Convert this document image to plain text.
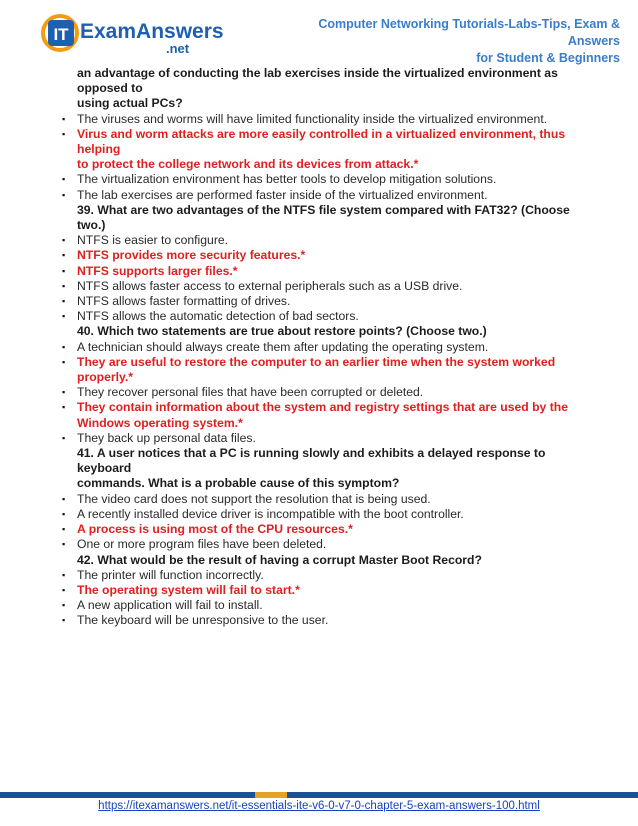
IT ExamAnswers
.net
Computer Networking Tutorials-Labs-Tips, Exam & Answers
for Student & Beginners
an advantage of conducting the lab exercises inside the virtualized environment as opposed to
using actual PCs?
▪ The viruses and worms will have limited functionality inside the virtualized environment.
▪ Virus and worm attacks are more easily controlled in a virtualized environment, thus helping
to protect the college network and its devices from attack.*
▪ The virtualization environment has better tools to develop mitigation solutions.
▪ The lab exercises are performed faster inside of the virtualized environment.
39. What are two advantages of the NTFS file system compared with FAT32? (Choose two.)
▪ NTFS is easier to configure.
▪ NTFS provides more security features.*
▪ NTFS supports larger files.*
▪ NTFS allows faster access to external peripherals such as a USB drive.
▪ NTFS allows faster formatting of drives.
▪ NTFS allows the automatic detection of bad sectors.
40. Which two statements are true about restore points? (Choose two.)
▪ A technician should always create them after updating the operating system.
▪ They are useful to restore the computer to an earlier time when the system worked properly.*
▪ They recover personal files that have been corrupted or deleted.
▪ They contain information about the system and registry settings that are used by the
Windows operating system.*
▪ They back up personal data files.
41. A user notices that a PC is running slowly and exhibits a delayed response to keyboard
commands. What is a probable cause of this symptom?
▪ The video card does not support the resolution that is being used.
▪ A recently installed device driver is incompatible with the boot controller.
▪ A process is using most of the CPU resources.*
▪ One or more program files have been deleted.
42. What would be the result of having a corrupt Master Boot Record?
▪ The printer will function incorrectly.
▪ The operating system will fail to start.*
▪ A new application will fail to install.
▪ The keyboard will be unresponsive to the user.
https://itexamanswers.net/it-essentials-ite-v6-0-v7-0-chapter-5-exam-answers-100.html
